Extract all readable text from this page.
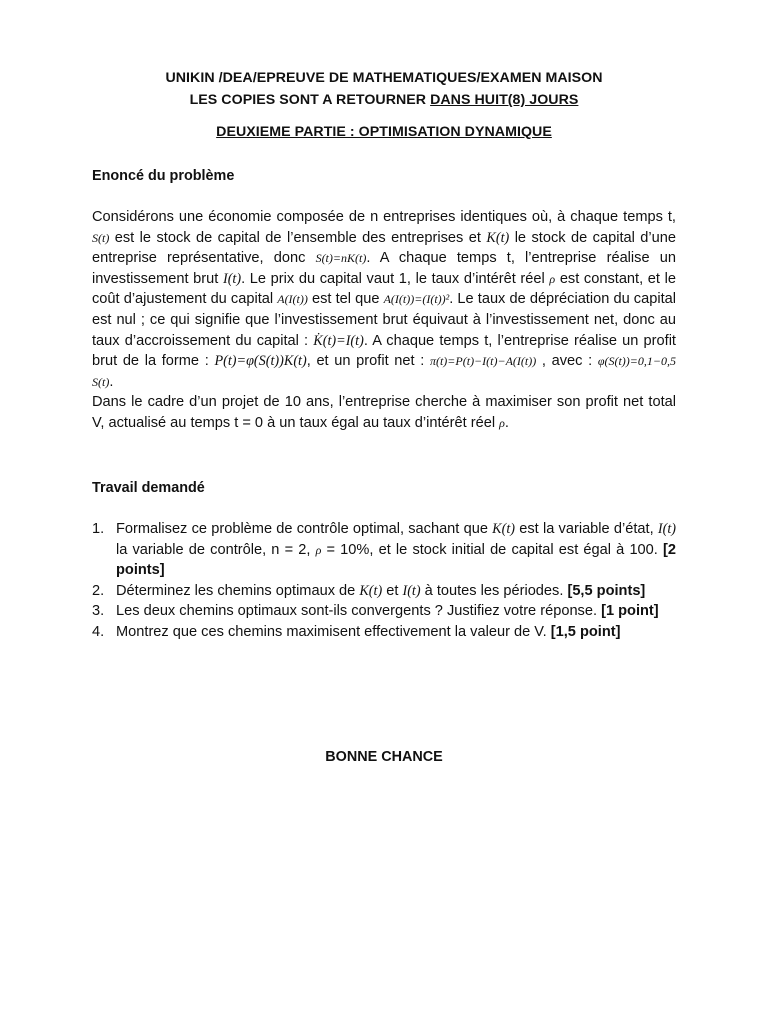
UNIKIN /DEA/EPREUVE DE MATHEMATIQUES/EXAMEN MAISON
LES COPIES SONT A RETOURNER DANS HUIT(8) JOURS
DEUXIEME PARTIE : OPTIMISATION DYNAMIQUE
Enoncé du problème
Considérons une économie composée de n entreprises identiques où, à chaque temps t, S(t) est le stock de capital de l’ensemble des entreprises et K(t) le stock de capital d’une entreprise représentative, donc S(t)=nK(t). A chaque temps t, l’entreprise réalise un investissement brut I(t). Le prix du capital vaut 1, le taux d’intérêt réel ρ est constant, et le coût d’ajustement du capital A(I(t)) est tel que A(I(t))=(I(t))². Le taux de dépréciation du capital est nul ; ce qui signifie que l’investissement brut équivaut à l’investissement net, donc au taux d’accroissement du capital : K̇(t)=I(t). A chaque temps t, l’entreprise réalise un profit brut de la forme : P(t)=φ(S(t))K(t), et un profit net : π(t)=P(t)−I(t)−A(I(t)) , avec : φ(S(t))=0,1−0,5 S(t).
Dans le cadre d’un projet de 10 ans, l’entreprise cherche à maximiser son profit net total V, actualisé au temps t = 0 à un taux égal au taux d’intérêt réel ρ.
Travail demandé
1. Formalisez ce problème de contrôle optimal, sachant que K(t) est la variable d’état, I(t) la variable de contrôle, n = 2, ρ = 10%, et le stock initial de capital est égal à 100. [2 points]
2. Déterminez les chemins optimaux de K(t) et I(t) à toutes les périodes. [5,5 points]
3. Les deux chemins optimaux sont-ils convergents ? Justifiez votre réponse. [1 point]
4. Montrez que ces chemins maximisent effectivement la valeur de V. [1,5 point]
BONNE CHANCE
